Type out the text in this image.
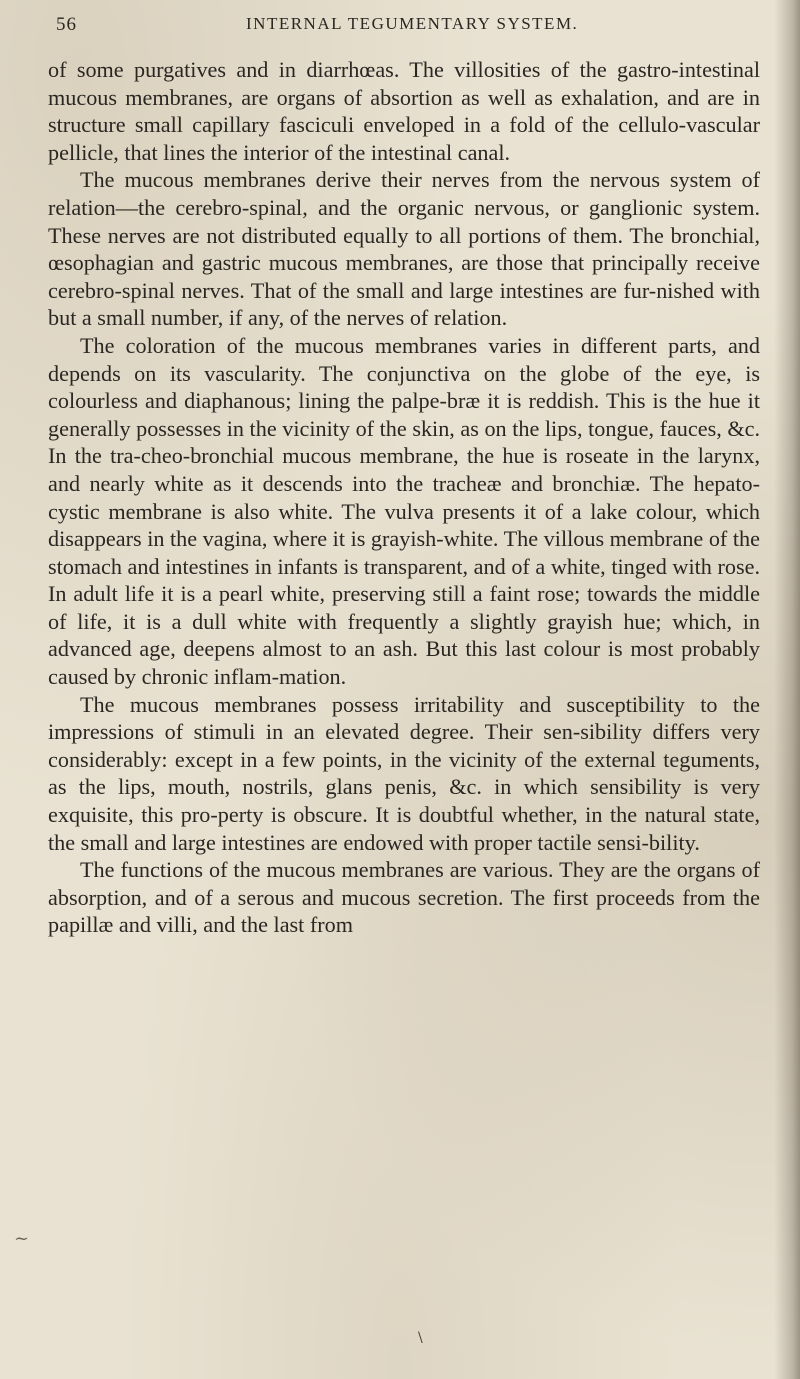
56	INTERNAL TEGUMENTARY SYSTEM.

of some purgatives and in diarrhœas. The villosities of the gastro-intestinal mucous membranes, are organs of absortion as well as exhalation, and are in structure small capillary fasciculi enveloped in a fold of the cellulo-vascular pellicle, that lines the interior of the intestinal canal.

The mucous membranes derive their nerves from the nervous system of relation—the cerebro-spinal, and the organic nervous, or ganglionic system. These nerves are not distributed equally to all portions of them. The bronchial, œsophagian and gastric mucous membranes, are those that principally receive cerebro-spinal nerves. That of the small and large intestines are fur-nished with but a small number, if any, of the nerves of relation.

The coloration of the mucous membranes varies in different parts, and depends on its vascularity. The conjunctiva on the globe of the eye, is colourless and diaphanous; lining the palpe-bræ it is reddish. This is the hue it generally possesses in the vicinity of the skin, as on the lips, tongue, fauces, &c. In the tra-cheo-bronchial mucous membrane, the hue is roseate in the larynx, and nearly white as it descends into the tracheæ and bronchiæ. The hepato-cystic membrane is also white. The vulva presents it of a lake colour, which disappears in the vagina, where it is grayish-white. The villous membrane of the stomach and intestines in infants is transparent, and of a white, tinged with rose. In adult life it is a pearl white, preserving still a faint rose; towards the middle of life, it is a dull white with frequently a slightly grayish hue; which, in advanced age, deepens almost to an ash. But this last colour is most probably caused by chronic inflam-mation.

The mucous membranes possess irritability and susceptibility to the impressions of stimuli in an elevated degree. Their sen-sibility differs very considerably: except in a few points, in the vicinity of the external teguments, as the lips, mouth, nostrils, glans penis, &c. in which sensibility is very exquisite, this pro-perty is obscure. It is doubtful whether, in the natural state, the small and large intestines are endowed with proper tactile sensi-bility.

The functions of the mucous membranes are various. They are the organs of absorption, and of a serous and mucous secretion. The first proceeds from the papillæ and villi, and the last from

~
\
